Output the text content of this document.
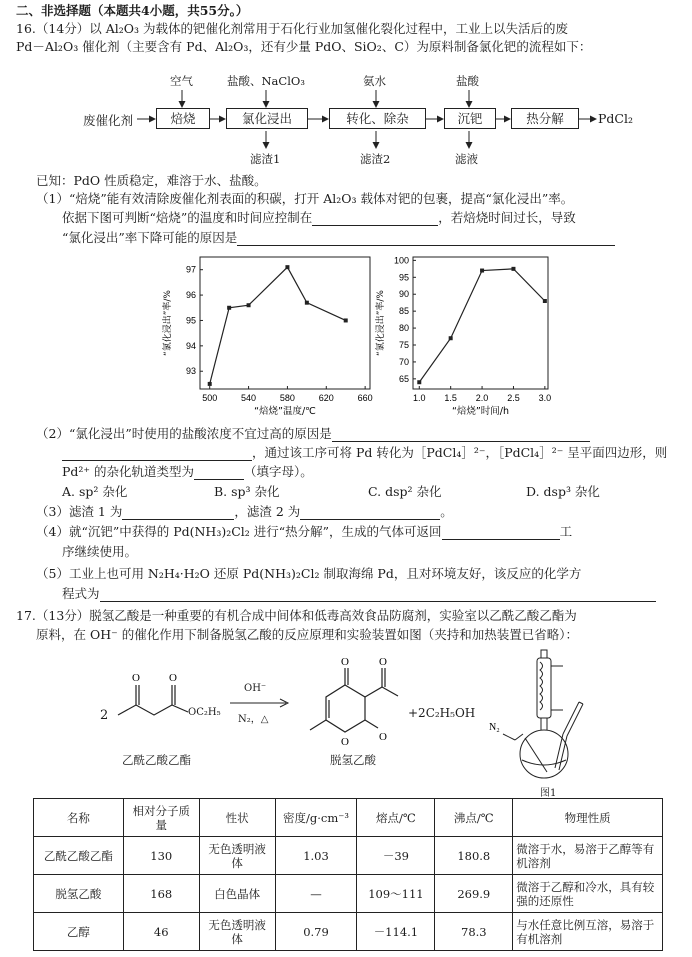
二、非选择题（本题共4小题，共55分。）
16.（14分）以 Al₂O₃ 为载体的钯催化剂常用于石化行业加氢催化裂化过程中，工业上以失活后的废
Pd－Al₂O₃ 催化剂（主要含有 Pd、Al₂O₃，还有少量 PdO、SiO₂、C）为原料制备氯化钯的流程如下：
废催化剂	焙烧	氯化浸出	转化、除杂	沉钯	热分解	PdCl₂
空气	盐酸、NaClO₃	氨水	盐酸
滤渣1	滤渣2	滤液
已知：PdO 性质稳定，难溶于水、盐酸。
（1）“焙烧”能有效清除废催化剂表面的积碳，打开 Al₂O₃ 载体对钯的包裹，提高“氯化浸出”率。
依据下图可判断“焙烧”的温度和时间应控制在	，若焙烧时间过长，导致
“氯化浸出”率下降可能的原因是
500	540	580	620	660
93
94
95
96
97
“焙烧”温度/℃
“氯化浸出”率/%
1.0 1.5 2.0 2.5 3.0
65
70
75
80
85
90
95
100
“焙烧”时间/h
“氯化浸出”率/%
（2）“氯化浸出”时使用的盐酸浓度不宜过高的原因是
，通过该工序可将 Pd 转化为［PdCl₄］²⁻，［PdCl₄］²⁻ 呈平面四边形，则
Pd²⁺ 的杂化轨道类型为	（填字母）。
A. sp² 杂化	B. sp³ 杂化	C. dsp² 杂化	D. dsp³ 杂化
（3）滤渣 1 为	，滤渣 2 为	。
（4）就“沉钯”中获得的 Pd(NH₃)₂Cl₂ 进行“热分解”，生成的气体可返回	工
序继续使用。
（5）工业上也可用 N₂H₄·H₂O 还原 Pd(NH₃)₂Cl₂ 制取海绵 Pd，且对环境友好，该反应的化学方
程式为
17.（13分）脱氢乙酸是一种重要的有机合成中间体和低毒高效食品防腐剂，实验室以乙酰乙酸乙酯为
原料，在 OH⁻ 的催化作用下制备脱氢乙酸的反应原理和实验装置如图（夹持和加热装置已省略）：
2
O	O
OC₂H₅
OH⁻
N₂，△
O	O
O	O
+2C₂H₅OH
乙酰乙酸乙酯	脱氢乙酸
N₂
图1
名称	相对分子质量	性状	密度/g·cm⁻³	熔点/℃	沸点/℃	物理性质
乙酰乙酸乙酯	130	无色透明液体	1.03	－39	180.8	微溶于水，易溶于乙醇等有机溶剂
脱氢乙酸	168	白色晶体	—	109～111	269.9	微溶于乙醇和冷水，具有较强的还原性
乙醇	46	无色透明液体	0.79	－114.1	78.3	与水任意比例互溶，易溶于有机溶剂
